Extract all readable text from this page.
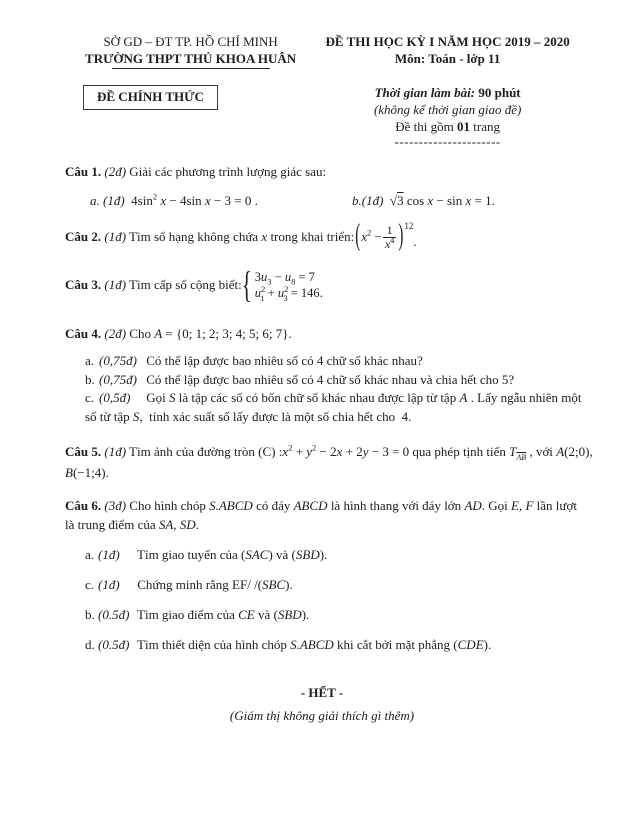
SỞ GD – ĐT TP. HỒ CHÍ MINH
TRƯỜNG THPT THỦ KHOA HUÂN
ĐỀ CHÍNH THỨC
ĐỀ THI HỌC KỲ I NĂM HỌC 2019 – 2020
Môn: Toán - lớp 11
Thời gian làm bài: 90 phút
(không kể thời gian giao đề)
Đề thi gồm 01 trang
----------------------
Câu 1. (2đ) Giải các phương trình lượng giác sau:
a. (1đ)  $4\sin^2$ x − 4sin x − 3 = 0 .	b.(1đ) √3 cos x − sin x = 1.
Câu 2. (1đ) Tìm số hạng không chứa x trong khai triển: ( $x^2 - \frac{1}{x^4}$ ) 12
.
Câu 3. (1đ) Tìm cấp số cộng biết: { $3u_3 - u_8 = 7$
$u^2_1 + u^2_3 = 146$ .
Câu 4. (2đ) Cho A = {0; 1; 2; 3; 4; 5; 6; 7}.
a. (0,75đ) Có thể lập được bao nhiêu số có 4 chữ số khác nhau?
b. (0,75đ) Có thể lập được bao nhiêu số có 4 chữ số khác nhau và chia hết cho 5?
c. (0,5đ) Gọi S là tập các số có bốn chữ số khác nhau được lập từ tập A . Lấy ngẫu nhiên một
số từ tập S,  tính xác suất số lấy được là một số chia hết cho  4.
Câu 5. (1đ) Tìm ảnh của đường tròn (C) $:x^2 + y^2 - 2x + 2y - 3 = 0$ qua phép tịnh tiến $T_{\overline{AB}}$ , với A(2;0),
B(−1;4).
Câu 6. (3đ) Cho hình chóp S.ABCD có đáy ABCD là hình thang với đáy lớn AD. Gọi E, F lần lượt
là trung điểm của SA, SD.
a.(1đ) Tìm giao tuyến của (SAC) và (SBD).
c.(1đ) Chứng minh rằng EF/ /(SBC).
b.(0.5đ) Tìm giao điểm của CE và (SBD).
d.(0.5đ) Tìm thiết diện của hình chóp S.ABCD khi cắt bởi mặt phẳng (CDE).
- HẾT -
(Giám thị không giải thích gì thêm)
